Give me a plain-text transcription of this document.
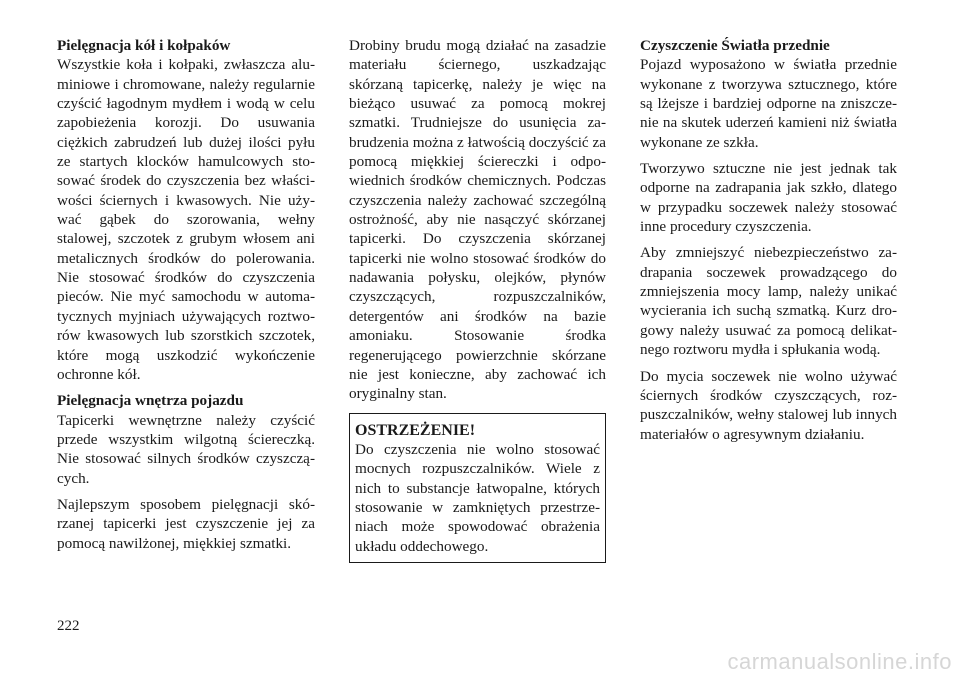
Pielęgnacja kół i kołpaków

Wszystkie koła i kołpaki, zwłaszcza aluminiowe i chromowane, należy regularnie czyścić łagodnym mydłem i wodą w celu zapobieżenia korozji. Do usuwania ciężkich zabrudzeń lub dużej ilości pyłu ze startych klocków hamulcowych stosować środek do czyszczenia bez właściwości ściernych i kwasowych. Nie używać gąbek do szorowania, wełny stalowej, szczotek z grubym włosem ani metalicznych środków do polerowania. Nie stosować środków do czyszczenia pieców. Nie myć samochodu w automatycznych myjniach używających roztworów kwasowych lub szorstkich szczotek, które mogą uszkodzić wykończenie ochronne kół.

Pielęgnacja wnętrza pojazdu

Tapicerki wewnętrzne należy czyścić przede wszystkim wilgotną ściereczką. Nie stosować silnych środków czyszczących.

Najlepszym sposobem pielęgnacji skórzanej tapicerki jest czyszczenie jej za pomocą nawilżonej, miękkiej szmatki.

Drobiny brudu mogą działać na zasadzie materiału ściernego, uszkadzając skórzaną tapicerkę, należy je więc na bieżąco usuwać za pomocą mokrej szmatki. Trudniejsze do usunięcia zabrudzenia można z łatwością doczyścić za pomocą miękkiej ściereczki i odpowiednich środków chemicznych. Podczas czyszczenia należy zachować szczególną ostrożność, aby nie nasączyć skórzanej tapicerki. Do czyszczenia skórzanej tapicerki nie wolno stosować środków do nadawania połysku, olejków, płynów czyszczących, rozpuszczalników, detergentów ani środków na bazie amoniaku. Stosowanie środka regenerującego powierzchnie skórzane nie jest konieczne, aby zachować ich oryginalny stan.

OSTRZEŻENIE!

Do czyszczenia nie wolno stosować mocnych rozpuszczalników. Wiele z nich to substancje łatwopalne, których stosowanie w zamkniętych przestrzeniach może spowodować obrażenia układu oddechowego.

Czyszczenie Światła przednie

Pojazd wyposażono w światła przednie wykonane z tworzywa sztucznego, które są lżejsze i bardziej odporne na zniszczenie na skutek uderzeń kamieni niż światła wykonane ze szkła.

Tworzywo sztuczne nie jest jednak tak odporne na zadrapania jak szkło, dlatego w przypadku soczewek należy stosować inne procedury czyszczenia.

Aby zmniejszyć niebezpieczeństwo zadrapania soczewek prowadzącego do zmniejszenia mocy lamp, należy unikać wycierania ich suchą szmatką. Kurz drogowy należy usuwać za pomocą delikatnego roztworu mydła i spłukania wodą.

Do mycia soczewek nie wolno używać ściernych środków czyszczących, rozpuszczalników, wełny stalowej lub innych materiałów o agresywnym działaniu.

222
carmanualsonline.info
